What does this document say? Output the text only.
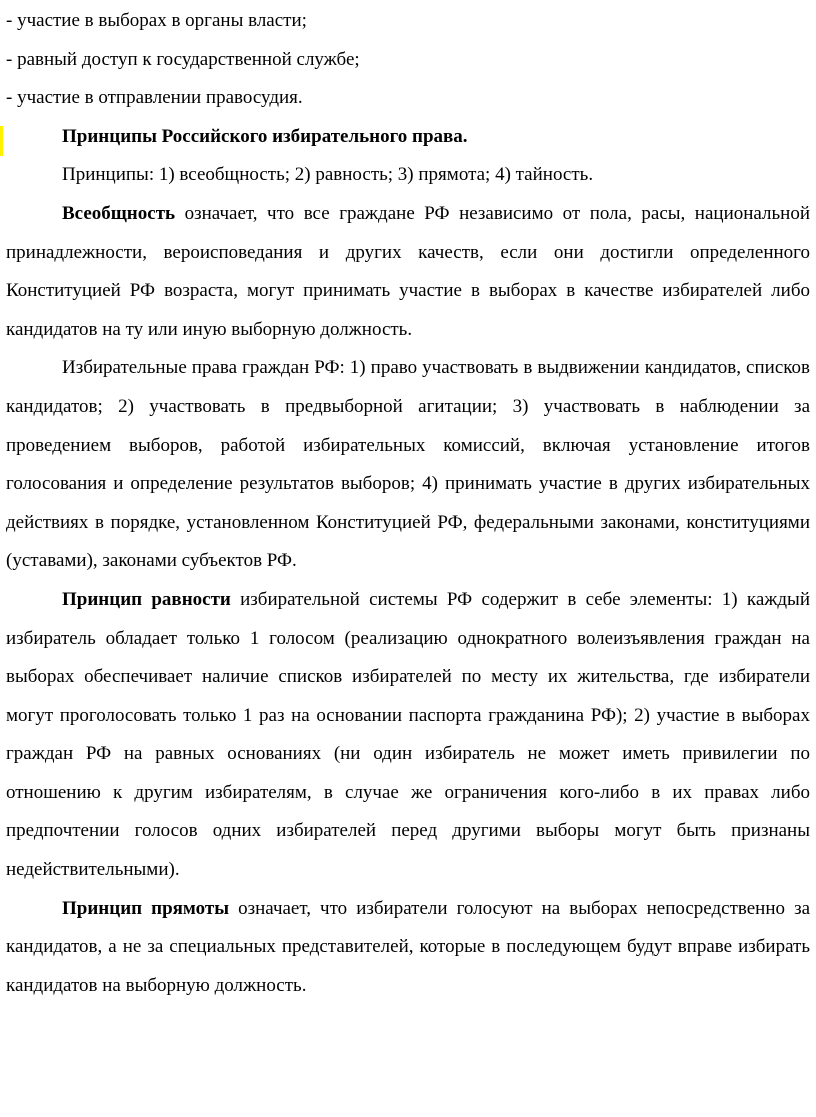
- участие в выборах в органы власти;

- равный доступ к государственной службе;

- участие в отправлении правосудия.

Принципы Российского избирательного права.

Принципы: 1) всеобщность; 2) равность; 3) прямота; 4) тайность.

Всеобщность означает, что все граждане РФ независимо от пола, расы, национальной принадлежности, вероисповедания и других качеств, если они достигли определенного Конституцией РФ возраста, могут принимать участие в выборах в качестве избирателей либо кандидатов на ту или иную выборную должность.

Избирательные права граждан РФ: 1) право участвовать в выдвижении кандидатов, списков кандидатов; 2) участвовать в предвыборной агитации; 3) участвовать в наблюдении за проведением выборов, работой избирательных комиссий, включая установление итогов голосования и определение результатов выборов; 4) принимать участие в других избирательных действиях в порядке, установленном Конституцией РФ, федеральными законами, конституциями (уставами), законами субъектов РФ.

Принцип равности избирательной системы РФ содержит в себе элементы: 1) каждый избиратель обладает только 1 голосом (реализацию однократного волеизъявления граждан на выборах обеспечивает наличие списков избирателей по месту их жительства, где избиратели могут проголосовать только 1 раз на основании паспорта гражданина РФ); 2) участие в выборах граждан РФ на равных основаниях (ни один избиратель не может иметь привилегии по отношению к другим избирателям, в случае же ограничения кого-либо в их правах либо предпочтении голосов одних избирателей перед другими выборы могут быть признаны недействительными).

Принцип прямоты означает, что избиратели голосуют на выборах непосредственно за кандидатов, а не за специальных представителей, которые в последующем будут вправе избирать кандидатов на выборную должность.
